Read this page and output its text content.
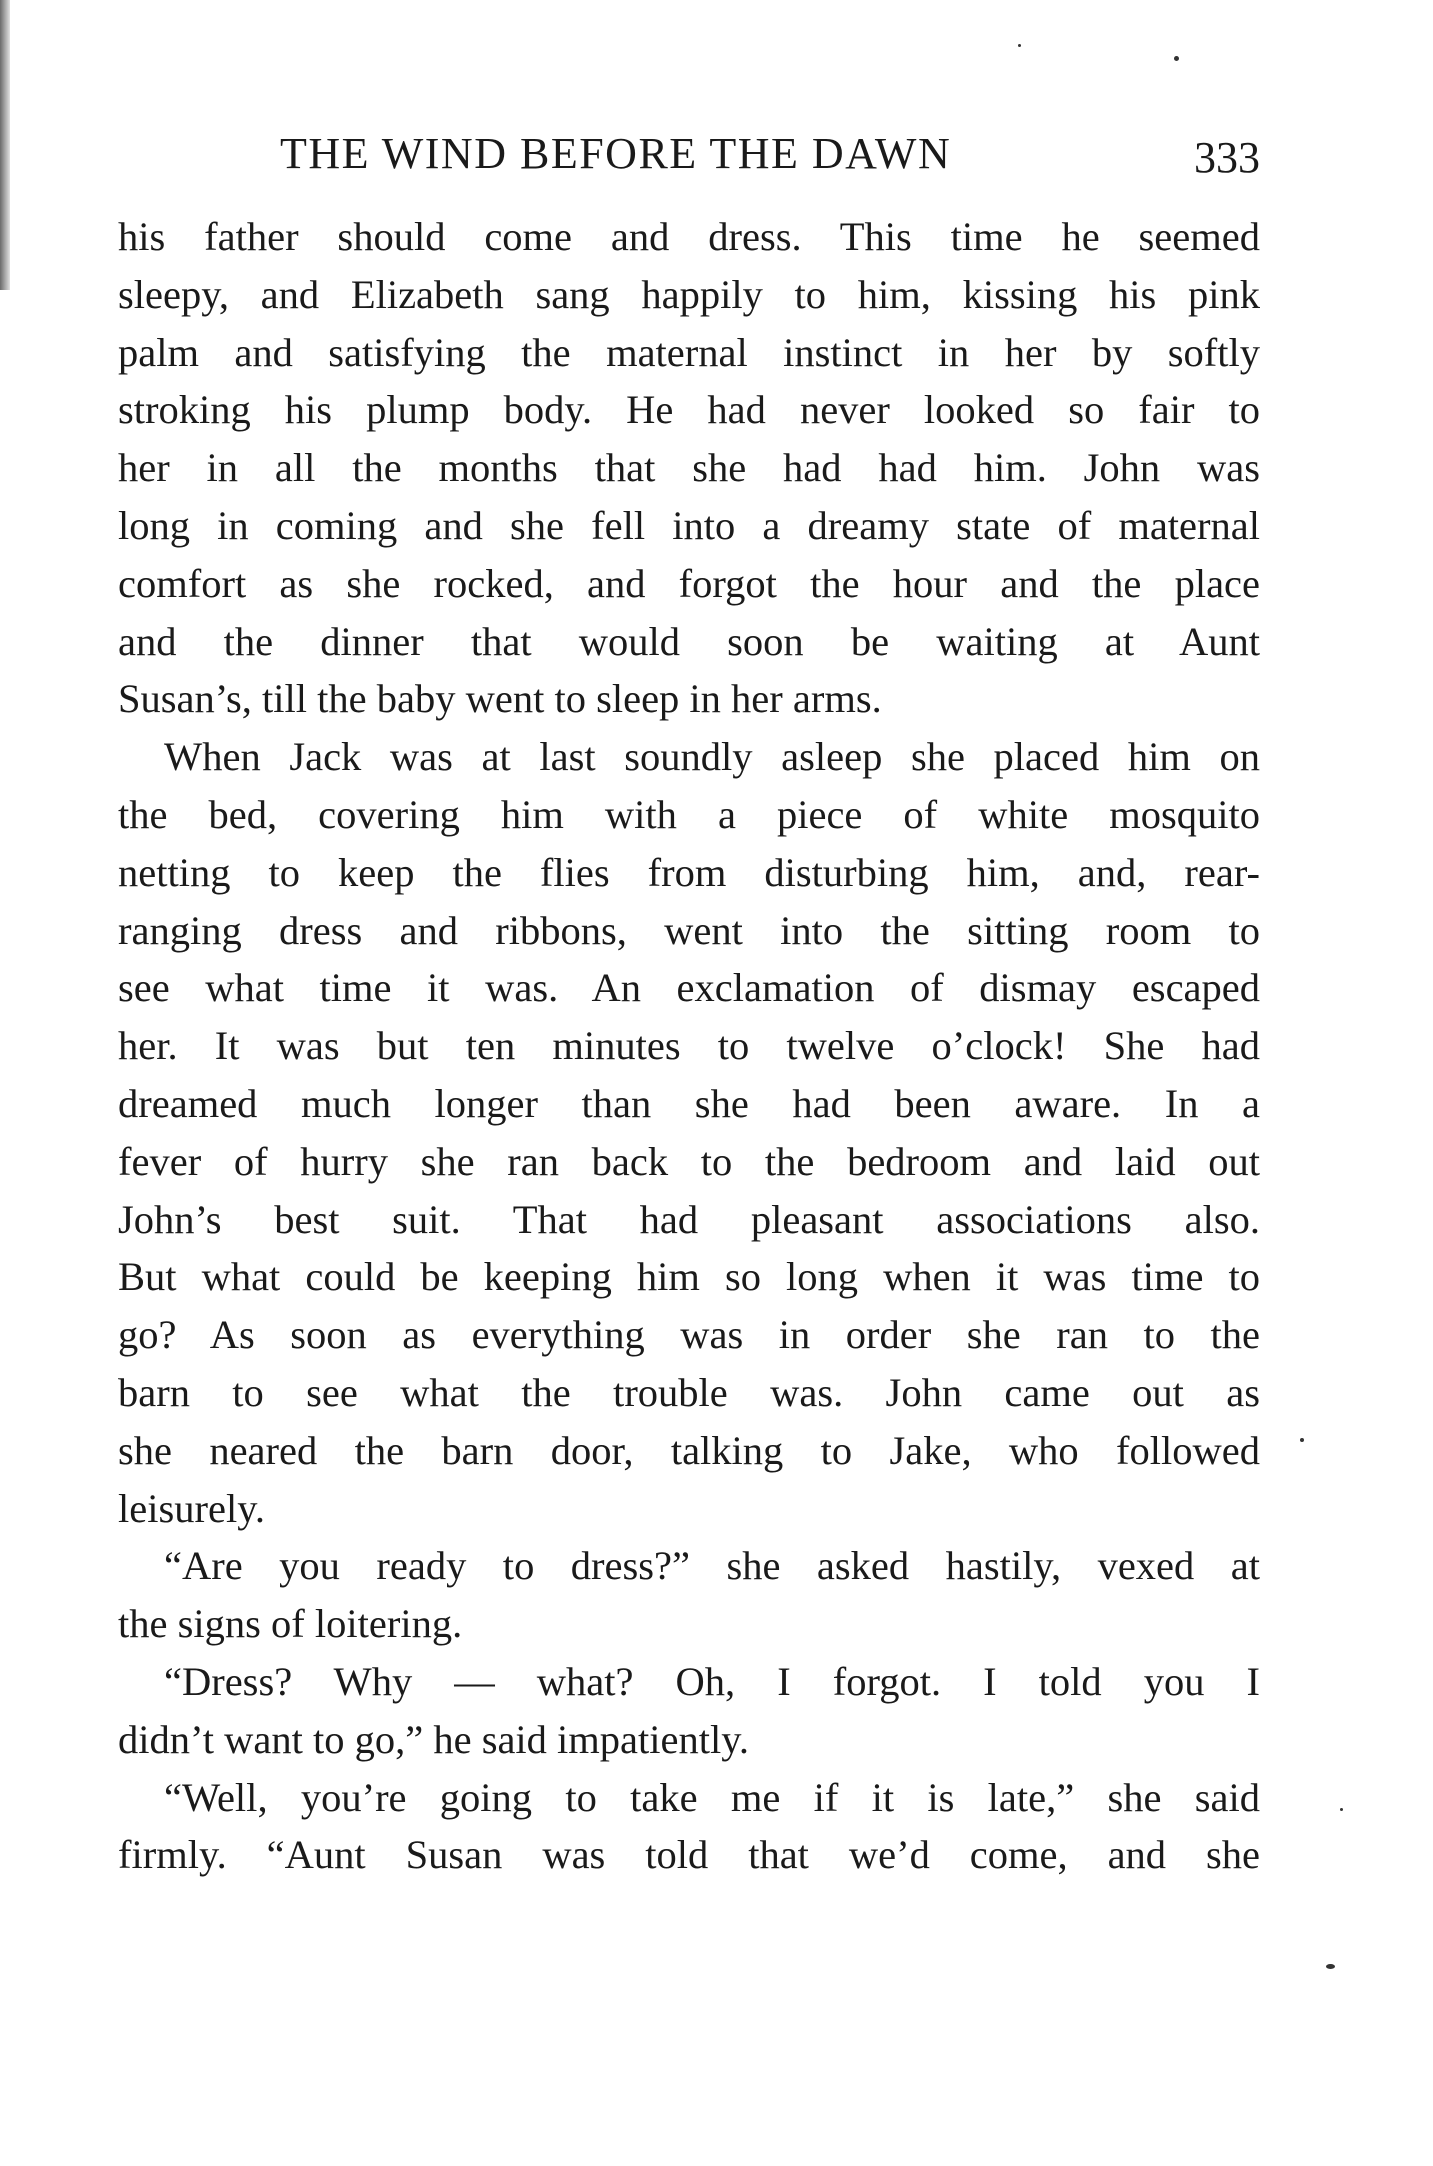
THE WIND BEFORE THE DAWN	333
his father should come and dress. This time he seemed
sleepy, and Elizabeth sang happily to him, kissing his pink
palm and satisfying the maternal instinct in her by softly
stroking his plump body. He had never looked so fair to
her in all the months that she had had him. John was
long in coming and she fell into a dreamy state of maternal
comfort as she rocked, and forgot the hour and the place
and the dinner that would soon be waiting at Aunt
Susan’s, till the baby went to sleep in her arms.
When Jack was at last soundly asleep she placed him on
the bed, covering him with a piece of white mosquito
netting to keep the flies from disturbing him, and, rear-
ranging dress and ribbons, went into the sitting room to
see what time it was. An exclamation of dismay escaped
her. It was but ten minutes to twelve o’clock! She had
dreamed much longer than she had been aware. In a
fever of hurry she ran back to the bedroom and laid out
John’s best suit. That had pleasant associations also.
But what could be keeping him so long when it was time to
go? As soon as everything was in order she ran to the
barn to see what the trouble was. John came out as
she neared the barn door, talking to Jake, who followed
leisurely.
“Are you ready to dress?” she asked hastily, vexed at
the signs of loitering.
“Dress? Why — what? Oh, I forgot. I told you I
didn’t want to go,” he said impatiently.
“Well, you’re going to take me if it is late,” she said
firmly. “Aunt Susan was told that we’d come, and she
